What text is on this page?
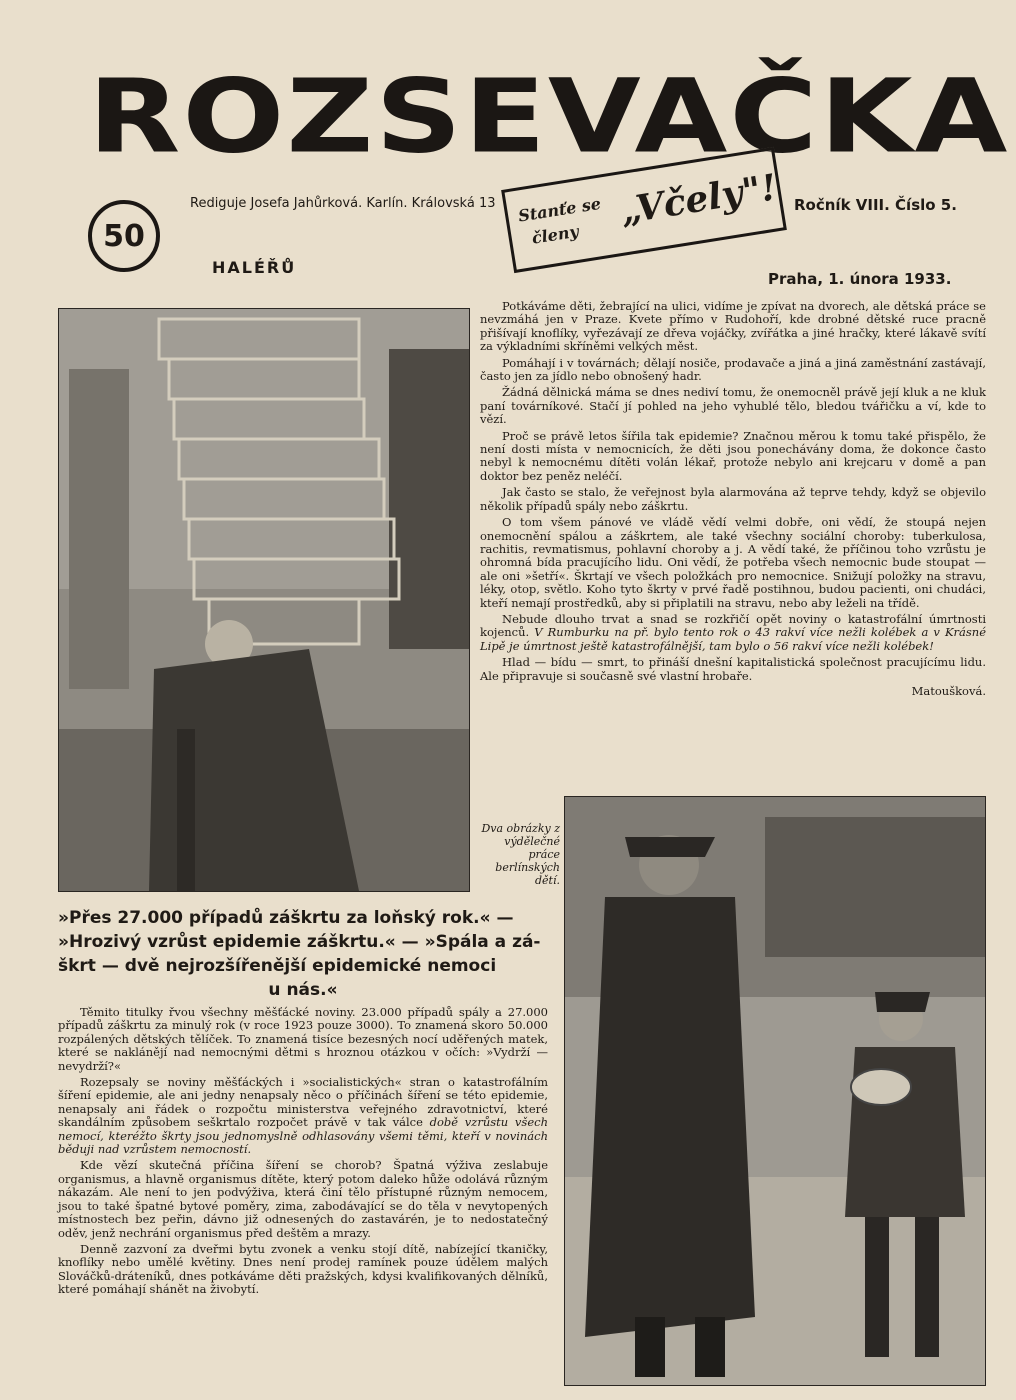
ROZSEVAČKA
50
HALÉŘŮ
Rediguje Josefa Jahůrková. Karlín. Královská 13 Stanťe se
členy
„Včely"! Ročník VIII. Číslo 5.
Praha, 1. února 1933.
Dva obrázky z výdělečné práce berlínských dětí.

Potkáváme děti, žebrající na ulici, vidíme je zpívat na dvorech, ale dětská práce se nevzmáhá jen v Praze. Kvete přímo v Rudohoří, kde drobné dětské ruce pracně přišívají knoflíky, vyřezávají ze dřeva vojáčky, zvířátka a jiné hračky, které lákavě svítí za výkladními skříněmi velkých měst.

Pomáhají i v továrnách; dělají nosiče, prodavače a jiná a jiná zaměstnání zastávají, často jen za jídlo nebo obnošený hadr.

Žádná dělnická máma se dnes nediví tomu, že onemocněl právě její kluk a ne kluk paní továrníkové. Stačí jí pohled na jeho vyhublé tělo, bledou tvářičku a ví, kde to vězí.

Proč se právě letos šířila tak epidemie? Značnou měrou k tomu také přispělo, že není dosti místa v nemocnicích, že děti jsou ponechávány doma, že dokonce často nebyl k nemocnému dítěti volán lékař, protože nebylo ani krejcaru v domě a pan doktor bez peněz neléčí.

Jak často se stalo, že veřejnost byla alarmována až teprve tehdy, když se objevilo několik případů spály nebo záškrtu.

O tom všem pánové ve vládě vědí velmi dobře, oni vědí, že stoupá nejen onemocnění spálou a záškrtem, ale také všechny sociální choroby: tuberkulosa, rachitis, revmatismus, pohlavní choroby a j. A vědí také, že příčinou toho vzrůstu je ohromná bída pracujícího lidu. Oni vědí, že potřeba všech nemocnic bude stoupat — ale oni »šetří«. Škrtají ve všech položkách pro nemocnice. Snižují položky na stravu, léky, otop, světlo. Koho tyto škrty v prvé řadě postihnou, budou pacienti, oni chudáci, kteří nemají prostředků, aby si připlatili na stravu, nebo aby leželi na třídě.

Nebude dlouho trvat a snad se rozkřičí opět noviny o katastrofální úmrtnosti kojenců. V Rumburku na př. bylo tento rok o 43 rakví více nežli kolébek a v Krásné Lipě je úmrtnost ještě katastrofálnější, tam bylo o 56 rakví více nežli kolébek!

Hlad — bídu — smrt, to přináší dnešní kapitalistická společnost pracujícímu lidu. Ale připravuje si současně své vlastní hrobaře.

Matoušková.

»Přes 27.000 případů záškrtu za loňský rok.« —

»Hrozivý vzrůst epidemie záškrtu.« — »Spála a zá-

škrt — dvě nejrozšířenější epidemické nemoci

u nás.«

Těmito titulky řvou všechny měšťácké noviny. 23.000 případů spály a 27.000 případů záškrtu za minulý rok (v roce 1923 pouze 3000). To znamená skoro 50.000 rozpálených dětských tělíček. To znamená tisíce bezesných nocí uděřených matek, které se naklánějí nad nemocnými dětmi s hroznou otázkou v očích: »Vydrží — nevydrží?«

Rozepsaly se noviny měšťáckých i »socialistických« stran o katastrofálním šíření epidemie, ale ani jedny nenapsaly něco o příčinách šíření se této epidemie, nenapsaly ani řádek o rozpočtu ministerstva veřejného zdravotnictví, které skandálním způsobem seškrtalo rozpočet právě v tak válce době vzrůstu všech nemocí, kteréžto škrty jsou jednomyslně odhlasovány všemi těmi, kteří v novinách běduji nad vzrůstem nemocností.

Kde vězí skutečná příčina šíření se chorob? Špatná výživa zeslabuje organismus, a hlavně organismus dítěte, který potom daleko hůže odolává různým nákazám. Ale není to jen podvýživa, která činí tělo přístupné různým nemocem, jsou to také špatné bytové poměry, zima, zabodávající se do těla v nevytopených místnostech bez peřin, dávno již odnesených do zastavárén, je to nedostatečný oděv, jenž nechrání organismus před deštěm a mrazy.

Denně zazvoní za dveřmi bytu zvonek a venku stojí dítě, nabízející tkaničky, knoflíky nebo umělé květiny. Dnes není prodej ramínek pouze údělem malých Slováčků-dráteníků, dnes potkáváme děti pražských, kdysi kvalifikovaných dělníků, které pomáhají shánět na živobytí.
